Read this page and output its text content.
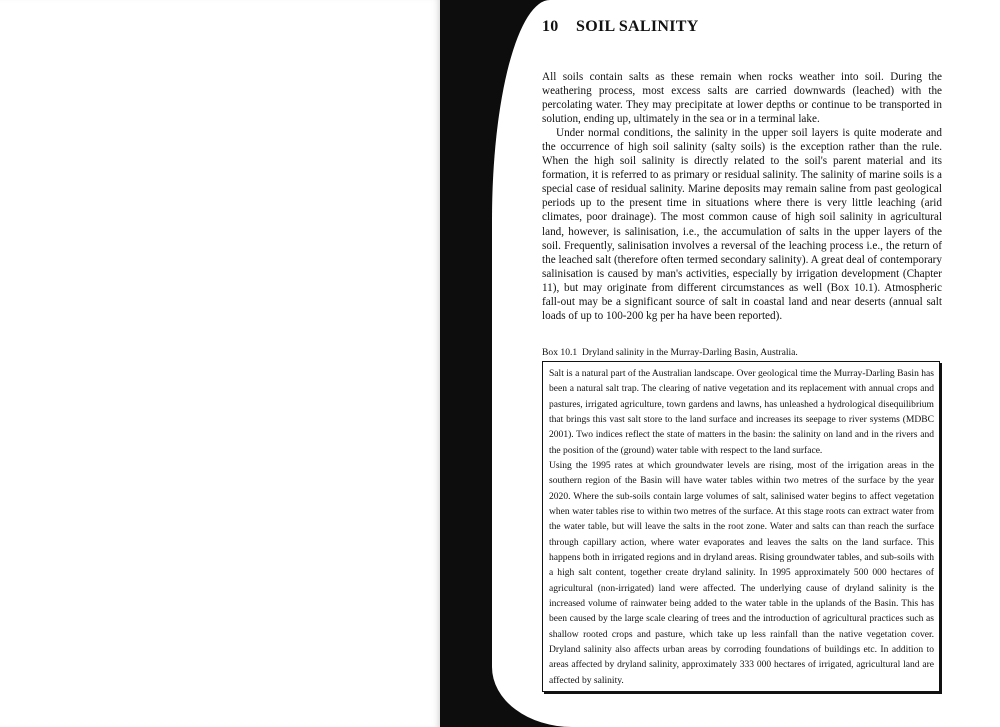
10 SOIL SALINITY

All soils contain salts as these remain when rocks weather into soil. During the weathering process, most excess salts are carried downwards (leached) with the percolating water. They may precipitate at lower depths or continue to be transported in solution, ending up, ultimately in the sea or in a terminal lake.

Under normal conditions, the salinity in the upper soil layers is quite moderate and the occurrence of high soil salinity (salty soils) is the exception rather than the rule. When the high soil salinity is directly related to the soil's parent material and its formation, it is referred to as primary or residual salinity. The salinity of marine soils is a special case of residual salinity. Marine deposits may remain saline from past geological periods up to the present time in situations where there is very little leaching (arid climates, poor drainage). The most common cause of high soil salinity in agricultural land, however, is salinisation, i.e., the accumulation of salts in the upper layers of the soil. Frequently, salinisation involves a reversal of the leaching process i.e., the return of the leached salt (therefore often termed secondary salinity). A great deal of contemporary salinisation is caused by man's activities, especially by irrigation development (Chapter 11), but may originate from different circumstances as well (Box 10.1). Atmospheric fall-out may be a significant source of salt in coastal land and near deserts (annual salt loads of up to 100-200 kg per ha have been reported).

Box 10.1 Dryland salinity in the Murray-Darling Basin, Australia.

Salt is a natural part of the Australian landscape. Over geological time the Murray-Darling Basin has been a natural salt trap. The clearing of native vegetation and its replacement with annual crops and pastures, irrigated agriculture, town gardens and lawns, has unleashed a hydrological disequilibrium that brings this vast salt store to the land surface and increases its seepage to river systems (MDBC 2001). Two indices reflect the state of matters in the basin: the salinity on land and in the rivers and the position of the (ground) water table with respect to the land surface.

Using the 1995 rates at which groundwater levels are rising, most of the irrigation areas in the southern region of the Basin will have water tables within two metres of the surface by the year 2020. Where the sub-soils contain large volumes of salt, salinised water begins to affect vegetation when water tables rise to within two metres of the surface. At this stage roots can extract water from the water table, but will leave the salts in the root zone. Water and salts can than reach the surface through capillary action, where water evaporates and leaves the salts on the land surface. This happens both in irrigated regions and in dryland areas. Rising groundwater tables, and sub-soils with a high salt content, together create dryland salinity. In 1995 approximately 500 000 hectares of agricultural (non-irrigated) land were affected. The underlying cause of dryland salinity is the increased volume of rainwater being added to the water table in the uplands of the Basin. This has been caused by the large scale clearing of trees and the introduction of agricultural practices such as shallow rooted crops and pasture, which take up less rainfall than the native vegetation cover. Dryland salinity also affects urban areas by corroding foundations of buildings etc. In addition to areas affected by dryland salinity, approximately 333 000 hectares of irrigated, agricultural land are affected by salinity.
